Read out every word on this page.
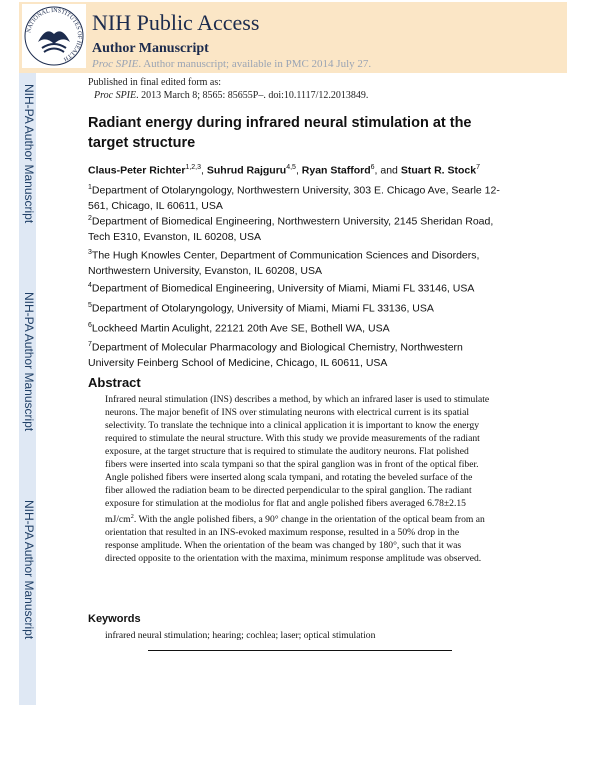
NATIONAL INSTITUTES OF HEALTH
NIH Public Access
Author Manuscript
Proc SPIE. Author manuscript; available in PMC 2014 July 27.
NIH-PA Author Manuscript
NIH-PA Author Manuscript
NIH-PA Author Manuscript
Published in final edited form as:
Proc SPIE. 2013 March 8; 8565: 85655P–. doi:10.1117/12.2013849.
Radiant energy during infrared neural stimulation at the target structure
Claus-Peter Richter$^{1,2,3}$, Suhrud Rajguru$^{4,5}$, Ryan Stafford$^6$, and Stuart R. Stock$^7$
$^1$Department of Otolaryngology, Northwestern University, 303 E. Chicago Ave, Searle 12-561, Chicago, IL 60611, USA
$^2$Department of Biomedical Engineering, Northwestern University, 2145 Sheridan Road, Tech E310, Evanston, IL 60208, USA
$^3$The Hugh Knowles Center, Department of Communication Sciences and Disorders, Northwestern University, Evanston, IL 60208, USA
$^4$Department of Biomedical Engineering, University of Miami, Miami FL 33146, USA
$^5$Department of Otolaryngology, University of Miami, Miami FL 33136, USA
$^6$Lockheed Martin Aculight, 22121 20th Ave SE, Bothell WA, USA
$^7$Department of Molecular Pharmacology and Biological Chemistry, Northwestern University Feinberg School of Medicine, Chicago, IL 60611, USA
Abstract
Infrared neural stimulation (INS) describes a method, by which an infrared laser is used to stimulate neurons. The major benefit of INS over stimulating neurons with electrical current is its spatial selectivity. To translate the technique into a clinical application it is important to know the energy required to stimulate the neural structure. With this study we provide measurements of the radiant exposure, at the target structure that is required to stimulate the auditory neurons. Flat polished fibers were inserted into scala tympani so that the spiral ganglion was in front of the optical fiber. Angle polished fibers were inserted along scala tympani, and rotating the beveled surface of the fiber allowed the radiation beam to be directed perpendicular to the spiral ganglion. The radiant exposure for stimulation at the modiolus for flat and angle polished fibers averaged 6.78±2.15 $mJ/cm^2$. With the angle polished fibers, a 90° change in the orientation of the optical beam from an orientation that resulted in an INS-evoked maximum response, resulted in a 50% drop in the response amplitude. When the orientation of the beam was changed by 180°, such that it was directed opposite to the orientation with the maxima, minimum response amplitude was observed.
Keywords
infrared neural stimulation; hearing; cochlea; laser; optical stimulation
